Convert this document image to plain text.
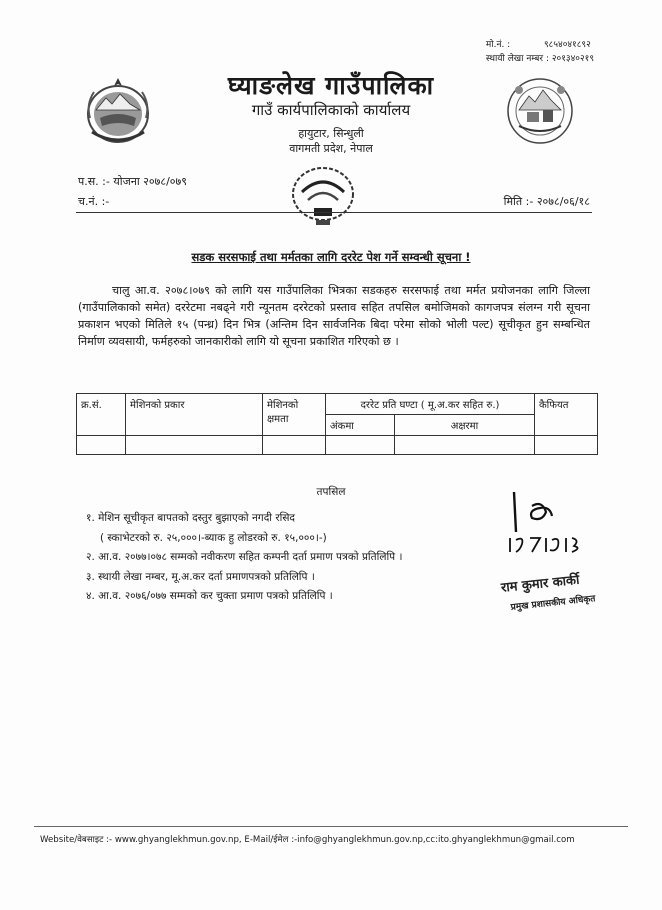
मो.नं. :	९८५४०४१८९२
स्थायी लेखा नम्बर : २०१३४०२१९
घ्याङलेख गाउँपालिका
गाउँ कार्यपालिकाको कार्यालय
हायुटार, सिन्धुली
वागमती प्रदेश, नेपाल
प.स. :- योजना २०७८/०७९
च.नं. :-	मिति :- २०७८/०६/१८
सडक सरसफाई तथा मर्मतका लागि दररेट पेश गर्ने सम्वन्धी सूचना !
चालु आ.व. २०७८।०७९ को लागि यस गाउँपालिका भित्रका सडकहरु सरसफाई तथा मर्मत प्रयोजनका लागि जिल्ला (गाउँपालिकाको समेत) दररेटमा नबढ्ने गरी न्यूनतम दररेटको प्रस्ताव सहित तपसिल बमोजिमको कागजपत्र संलग्न गरी सूचना प्रकाशन भएको मितिले १५ (पन्ध्र) दिन भित्र (अन्तिम दिन सार्वजनिक बिदा परेमा सोको भोली पल्ट) सूचीकृत हुन सम्बन्धित निर्माण व्यवसायी, फर्महरुको जानकारीको लागि यो सूचना प्रकाशित गरिएको छ ।
क्र.सं.	मेशिनको प्रकार	मेशिनको क्षमता	दररेट प्रति घण्टा ( मू.अ.कर सहित रु.)		कैफियत
			अंकमा	अक्षरमा	

तपसिल
१. मेशिन सूचीकृत बापतको दस्तुर बुझाएको नगदी रसिद
( स्काभेटरको रु. २५,०००।-ब्याक हु लोडरको रु. १५,०००।-)
२. आ.व. २०७७।०७८ सम्मको नवीकरण सहित कम्पनी दर्ता प्रमाण पत्रको प्रतिलिपि ।
३. स्थायी लेखा नम्बर, मू.अ.कर दर्ता प्रमाणपत्रको प्रतिलिपि ।
४. आ.व. २०७६/०७७ सम्मको कर चुक्ता प्रमाण पत्रको प्रतिलिपि ।
राम कुमार कार्की
प्रमुख प्रशासकीय अधिकृत
Website/वेबसाइट :- www.ghyanglekhmun.gov.np, E-Mail/ईमेल :-info@ghyanglekhmun.gov.np,cc:ito.ghyanglekhmun@gmail.com
